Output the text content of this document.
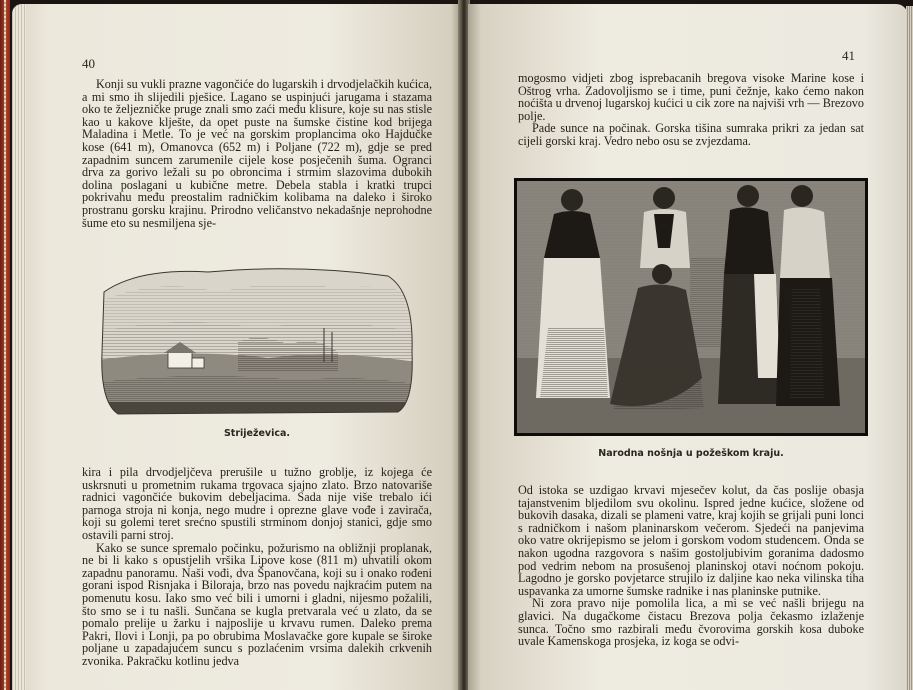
40

Konji su vukli prazne vagončiće do lugarskih i drvodjelačkih kućica, a mi smo ih slijedili pješice. Lagano se uspinjući jarugama i stazama oko te željezničke pruge znali smo zaći među klisure, koje su nas stisle kao u kakove klješte, da opet puste na šumske čistine kod brijega Maladina i Metle. To je već na gorskim proplancima oko Hajdučke kose (641 m), Omanovca (652 m) i Poljane (722 m), gdje se pred zapadnim suncem zarumenile cijele kose posječenih šuma. Ogranci drva za gorivo ležali su po obroncima i strmim slazovima dubokih dolina poslagani u kubične metre. Debela stabla i kratki trupci pokrivahu među preostalim radničkim kolibama na daleko i široko prostranu gorsku krajinu. Prirodno veličanstvo nekadašnje neprohodne šume eto su nesmiljena sje-

Striježevica.

kira i pila drvodjeljčeva prerušile u tužno groblje, iz kojega će uskrsnuti u prometnim rukama trgovaca sjajno zlato. Brzo natovariše radnici vagončiće bukovim debeljacima. Sada nije više trebalo ići parnoga stroja ni konja, nego mudre i oprezne glave vođe i zavirača, koji su golemi teret srećno spustili strminom donjoj stanici, gdje smo ostavili parni stroj.

Kako se sunce spremalo počinku, požurismo na obližnji proplanak, ne bi li kako s opustjelih vršika Lipove kose (811 m) uhvatili okom zapadnu panoramu. Naši vođi, dva Španovčana, koji su i onako rođeni gorani ispod Risnjaka i Biloraja, brzo nas povedu najkraćim putem na pomenutu kosu. Iako smo već bili i umorni i gladni, nijesmo požalili, što smo se i tu našli. Sunčana se kugla pretvarala već u zlato, da se pomalo prelije u žarku i najposlije u krvavu rumen. Daleko prema Pakri, Ilovi i Lonji, pa po obrubima Moslavačke gore kupale se široke poljane u zapadajućem suncu s pozlaćenim vrsima dalekih crkvenih zvonika. Pakračku kotlinu jedva

41

mogosmo vidjeti zbog isprebacanih bregova visoke Marine kose i Oštrog vrha. Zadovoljismo se i time, puni čežnje, kako ćemo nakon noćišta u drvenoj lugarskoj kućici u cik zore na najviši vrh — Brezovo polje.

Pade sunce na počinak. Gorska tišina sumraka prikri za jedan sat cijeli gorski kraj. Vedro nebo osu se zvjezdama.

Narodna nošnja u požeškom kraju.

Od istoka se uzdigao krvavi mjesečev kolut, da čas poslije obasja tajanstvenim bljedilom svu okolinu. Ispred jedne kućice, složene od bukovih dasaka, dizali se plameni vatre, kraj kojih se grijali puni lonci s radničkom i našom planinarskom večerom. Sjedeći na panjevima oko vatre okrijepismo se jelom i gorskom vodom studencem. Onda se nakon ugodna razgovora s našim gostoljubivim goranima dadosmo pod vedrim nebom na prosušenoj planinskoj otavi noćnom pokoju. Lagodno je gorsko povjetarce strujilo iz daljine kao neka vilinska tiha uspavanka za umorne šumske radnike i nas planinske putnike.

Ni zora pravo nije pomolila lica, a mi se već našli brijegu na glavici. Na dugačkome čistacu Brezova polja čekasmo izlaženje sunca. Točno smo razbirali među čvorovima gorskih kosa duboke uvale Kamenskoga prosjeka, iz koga se odvi-
